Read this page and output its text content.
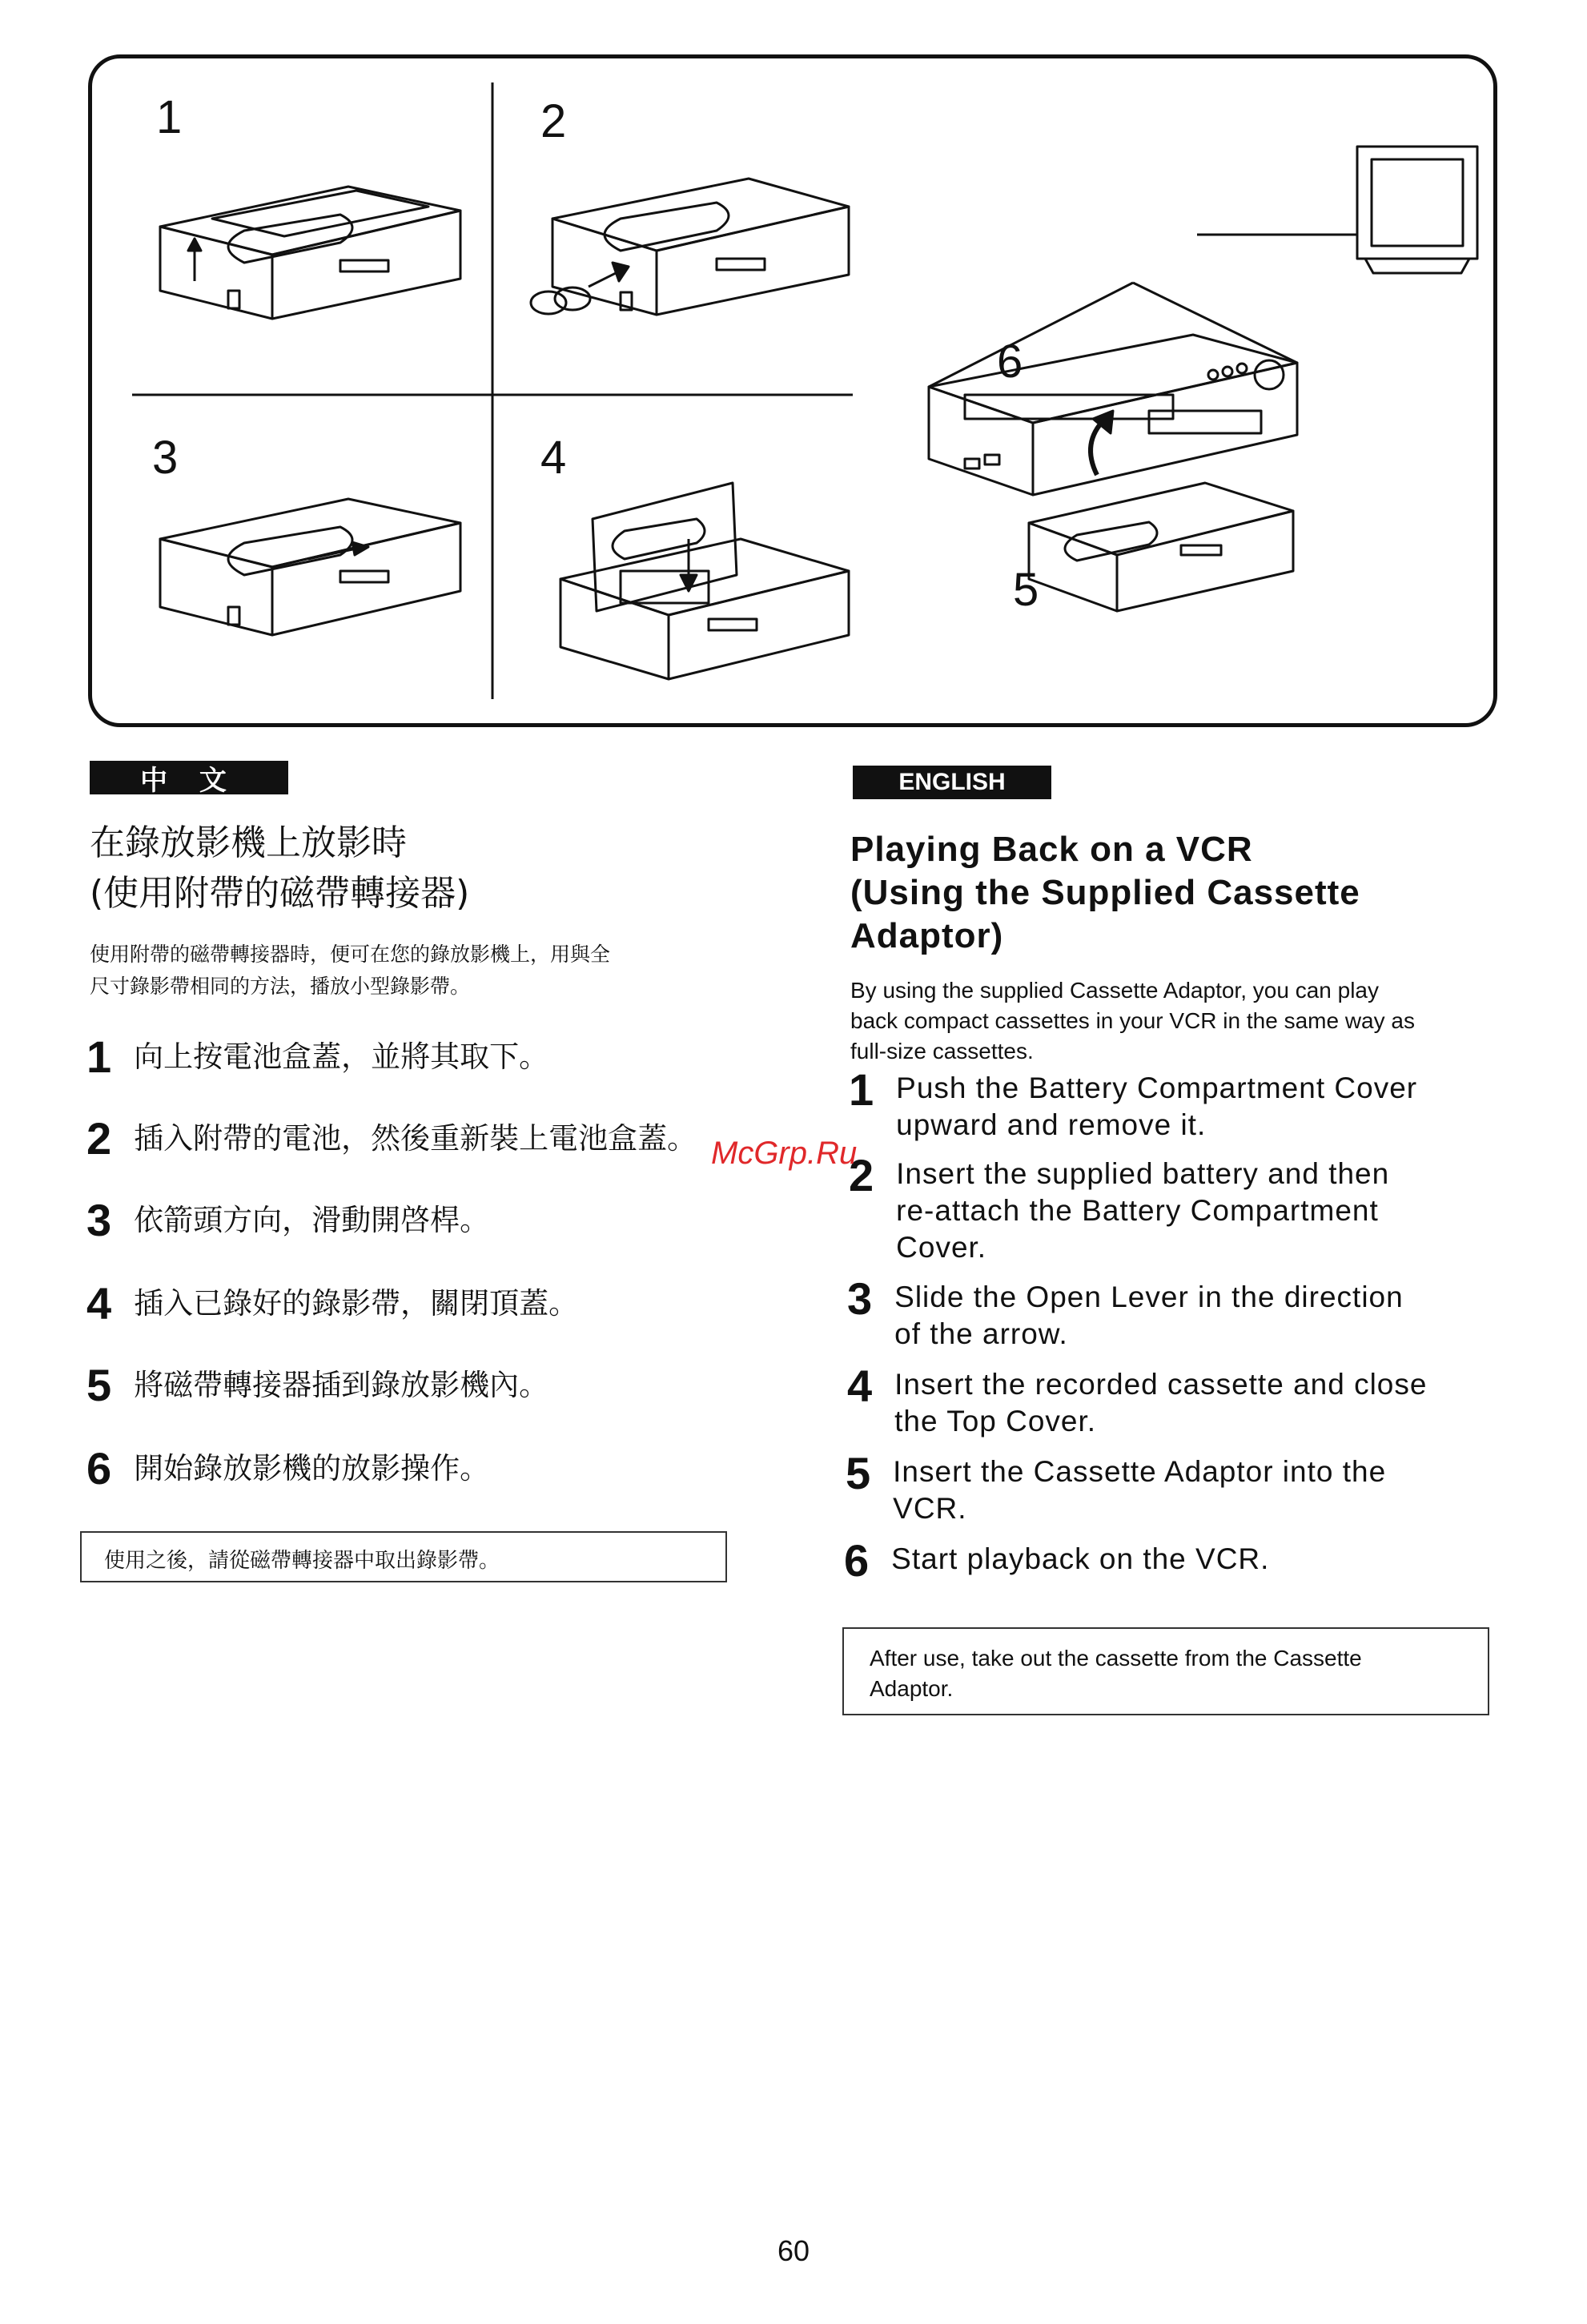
1	2
3	4
5
6
中 文
在錄放影機上放影時
(使用附帶的磁帶轉接器)
使用附帶的磁帶轉接器時，便可在您的錄放影機上，用與全
尺寸錄影帶相同的方法，播放小型錄影帶。
1 向上按電池盒蓋，並將其取下。
2 插入附帶的電池，然後重新裝上電池盒蓋。
3 依箭頭方向，滑動開啓桿。
4 插入已錄好的錄影帶，關閉頂蓋。
5 將磁帶轉接器插到錄放影機內。
6 開始錄放影機的放影操作。
使用之後，請從磁帶轉接器中取出錄影帶。
ENGLISH
Playing Back on a VCR
(Using the Supplied Cassette
Adaptor)
By using the supplied Cassette Adaptor, you can play
back compact cassettes in your VCR in the same way as
full-size cassettes.
1 Push the Battery Compartment Cover
upward and remove it.
2 Insert the supplied battery and then
re-attach the Battery Compartment
Cover.
3 Slide the Open Lever in the direction
of the arrow.
4 Insert the recorded cassette and close
the Top Cover.
5 Insert the Cassette Adaptor into the
VCR.
6 Start playback on the VCR.
After use, take out the cassette from the Cassette
Adaptor.
McGrp.Ru
60
